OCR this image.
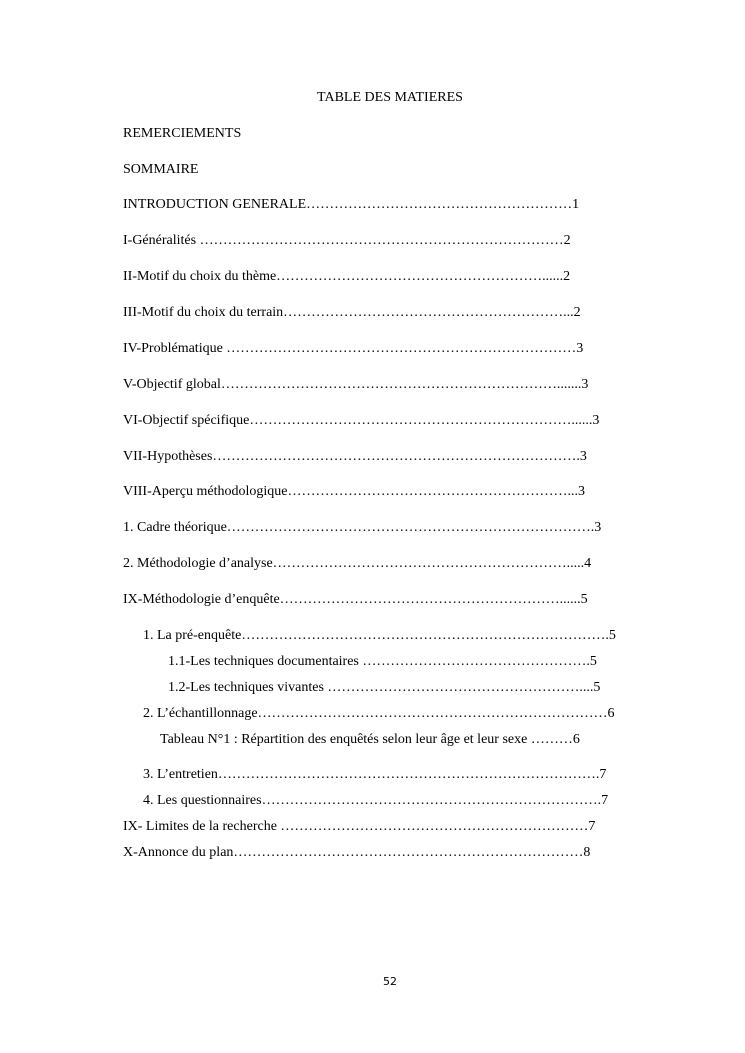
TABLE DES MATIERES
REMERCIEMENTS
SOMMAIRE
INTRODUCTION GENERALE…………………………………………………1
I-Généralités ……………………………………………………………………2
II-Motif du choix du thème…………………………………………………......2
III-Motif du choix du terrain……………………………………………………...2
IV-Problématique …………………………………………………………………3
V-Objectif global……………………………………………………………….......3
VI-Objectif spécifique……………………………………………………………......3
VII-Hypothèses…………………………………………………………………….3
VIII-Aperçu méthodologique……………………………………………………...3
1. Cadre théorique…………………………………………………………………….3
2. Méthodologie d’analyse……………………………………………………….....4
IX-Méthodologie d’enquête……………………………………………………......5
1. La pré-enquête…………………………………………………………………….5
1.1-Les techniques documentaires ………………………………………….5
1.2-Les techniques vivantes ………………………………………………....5
2. L’échantillonnage…………………………………………………………………6
Tableau N°1 : Répartition des enquêtés selon leur âge et leur sexe ………6
3. L’entretien……………………………………………………………………….7
4. Les questionnaires……………………………………………………………….7
IX- Limites de la recherche …………………………………………………………7
X-Annonce du plan…………………………………………………………………8
52
